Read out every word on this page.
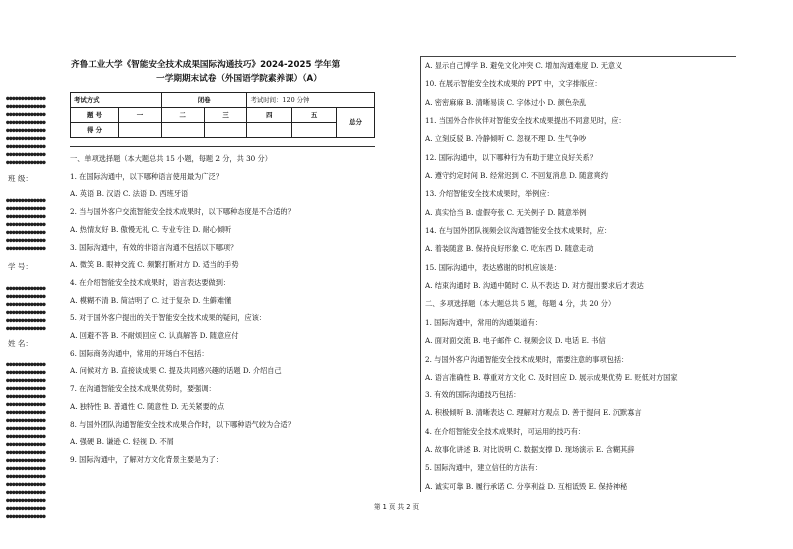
●●●●●●●●●●●●●
●●●●●●●●●●●●●
●●●●●●●●●●●●●
●●●●●●●●●●●●●
●●●●●●●●●●●●●
●●●●●●●●●●●●●
●●●●●●●●●●●●●
●●●●●●●●●●●●●
●●●●●●●●●●●●●
班 级：
●●●●●●●●●●●●●
●●●●●●●●●●●●●
●●●●●●●●●●●●●
●●●●●●●●●●●●●
●●●●●●●●●●●●●
●●●●●●●●●●●●●
●●●●●●●●●●●●●
学 号：
●●●●●●●●●●●●●
●●●●●●●●●●●●●
●●●●●●●●●●●●●
●●●●●●●●●●●●●
●●●●●●●●●●●●●
●●●●●●●●●●●●●
姓 名：
●●●●●●●●●●●●●
●●●●●●●●●●●●●
●●●●●●●●●●●●●
●●●●●●●●●●●●●
●●●●●●●●●●●●●
●●●●●●●●●●●●●
●●●●●●●●●●●●●
●●●●●●●●●●●●●
●●●●●●●●●●●●●
●●●●●●●●●●●●●
●●●●●●●●●●●●●
●●●●●●●●●●●●●
●●●●●●●●●●●●●
●●●●●●●●●●●●●
●●●●●●●●●●●●●
●●●●●●●●●●●●●
●●●●●●●●●●●●●
●●●●●●●●●●●●●
●●●●●●●●●●●●●
●●●●●●●●●●●●●
齐鲁工业大学《智能安全技术成果国际沟通技巧》2024-2025 学年第
一学期期末试卷（外国语学院素养课）（A）
考试方式		闭卷		考试时间：120 分钟		
题 号	一	二	三	四	五	总分
得 分						
一、单项选择题（本大题总共 15 小题，每题 2 分，共 30 分）
1. 在国际沟通中，以下哪种语言使用最为广泛？
A. 英语 B. 汉语 C. 法语 D. 西班牙语
2. 当与国外客户交流智能安全技术成果时，以下哪种态度是不合适的？
A. 热情友好 B. 傲慢无礼 C. 专业专注 D. 耐心倾听
3. 国际沟通中，有效的非语言沟通不包括以下哪项？
A. 微笑 B. 眼神交流 C. 频繁打断对方 D. 适当的手势
4. 在介绍智能安全技术成果时，语言表达要做到：
A. 模糊不清 B. 简洁明了 C. 过于复杂 D. 生僻难懂
5. 对于国外客户提出的关于智能安全技术成果的疑问，应该：
A. 回避不答 B. 不耐烦回应 C. 认真解答 D. 随意应付
6. 国际商务沟通中，常用的开场白不包括：
A. 问候对方 B. 直接谈成果 C. 提及共同感兴趣的话题 D. 介绍自己
7. 在沟通智能安全技术成果优势时，要强调：
A. 独特性 B. 普通性 C. 随意性 D. 无关紧要的点
8. 与国外团队沟通智能安全技术成果合作时，以下哪种语气较为合适？
A. 强硬 B. 谦逊 C. 轻视 D. 不屑
9. 国际沟通中，了解对方文化背景主要是为了：
A. 显示自己博学 B. 避免文化冲突 C. 增加沟通难度 D. 无意义
10. 在展示智能安全技术成果的 PPT 中，文字排版应：
A. 密密麻麻 B. 清晰易读 C. 字体过小 D. 颜色杂乱
11. 当国外合作伙伴对智能安全技术成果提出不同意见时，应：
A. 立刻反驳 B. 冷静倾听 C. 忽视不理 D. 生气争吵
12. 国际沟通中，以下哪种行为有助于建立良好关系？
A. 遵守约定时间 B. 经常迟到 C. 不回复消息 D. 随意爽约
13. 介绍智能安全技术成果时，举例应：
A. 真实恰当 B. 虚假夸张 C. 无关例子 D. 随意举例
14. 在与国外团队视频会议沟通智能安全技术成果时，应：
A. 着装随意 B. 保持良好形象 C. 吃东西 D. 随意走动
15. 国际沟通中，表达感谢的时机应该是：
A. 结束沟通时 B. 沟通中随时 C. 从不表达 D. 对方提出要求后才表达
二、多项选择题（本大题总共 5 题，每题 4 分，共 20 分）
1. 国际沟通中，常用的沟通渠道有：
A. 面对面交流 B. 电子邮件 C. 视频会议 D. 电话 E. 书信
2. 与国外客户沟通智能安全技术成果时，需要注意的事项包括：
A. 语言准确性 B. 尊重对方文化 C. 及时回应 D. 展示成果优势 E. 贬低对方国家
3. 有效的国际沟通技巧包括：
A. 积极倾听 B. 清晰表达 C. 理解对方观点 D. 善于提问 E. 沉默寡言
4. 在介绍智能安全技术成果时，可运用的技巧有：
A. 故事化讲述 B. 对比说明 C. 数据支撑 D. 现场演示 E. 含糊其辞
5. 国际沟通中，建立信任的方法有：
A. 诚实可靠 B. 履行承诺 C. 分享利益 D. 互相诋毁 E. 保持神秘
第 1 页 共 2 页
